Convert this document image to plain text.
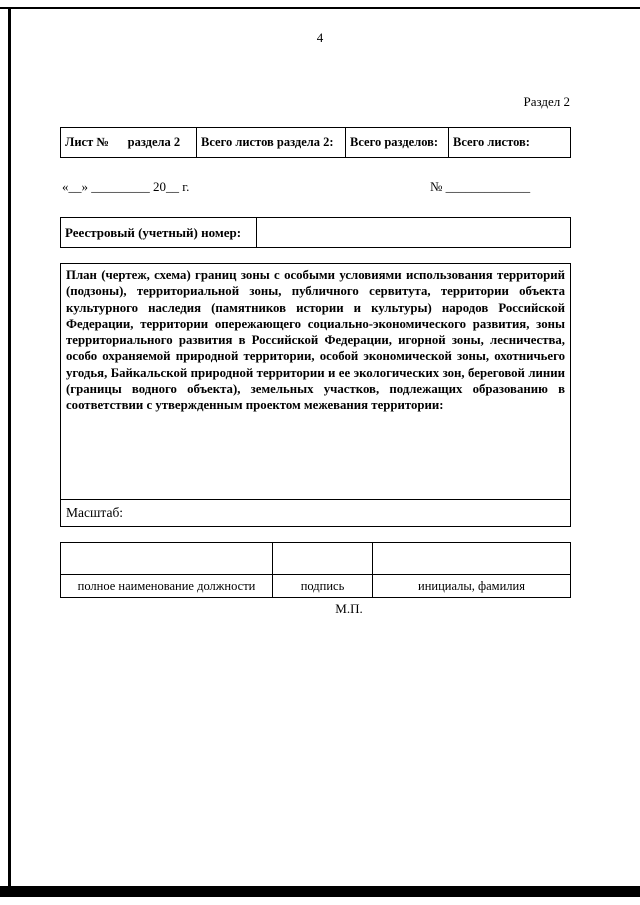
4
Раздел 2
Лист №      раздела 2	Всего листов раздела 2:	Всего разделов:	Всего листов:
«__» _________ 20__ г.	№ _____________
Реестровый (учетный) номер:
План (чертеж, схема) границ зоны с особыми условиями использования территорий (подзоны), территориальной зоны, публичного сервитута, территории объекта культурного наследия (памятников истории и культуры) народов Российской Федерации, территории опережающего социально-экономического развития, зоны территориального развития в Российской Федерации, игорной зоны, лесничества, особо охраняемой природной территории, особой экономической зоны, охотничьего угодья, Байкальской природной территории и ее экологических зон, береговой линии (границы водного объекта), земельных участков, подлежащих образованию в соответствии с утвержденным проектом межевания территории:
Масштаб:
полное наименование должности	подпись	инициалы, фамилия
М.П.
